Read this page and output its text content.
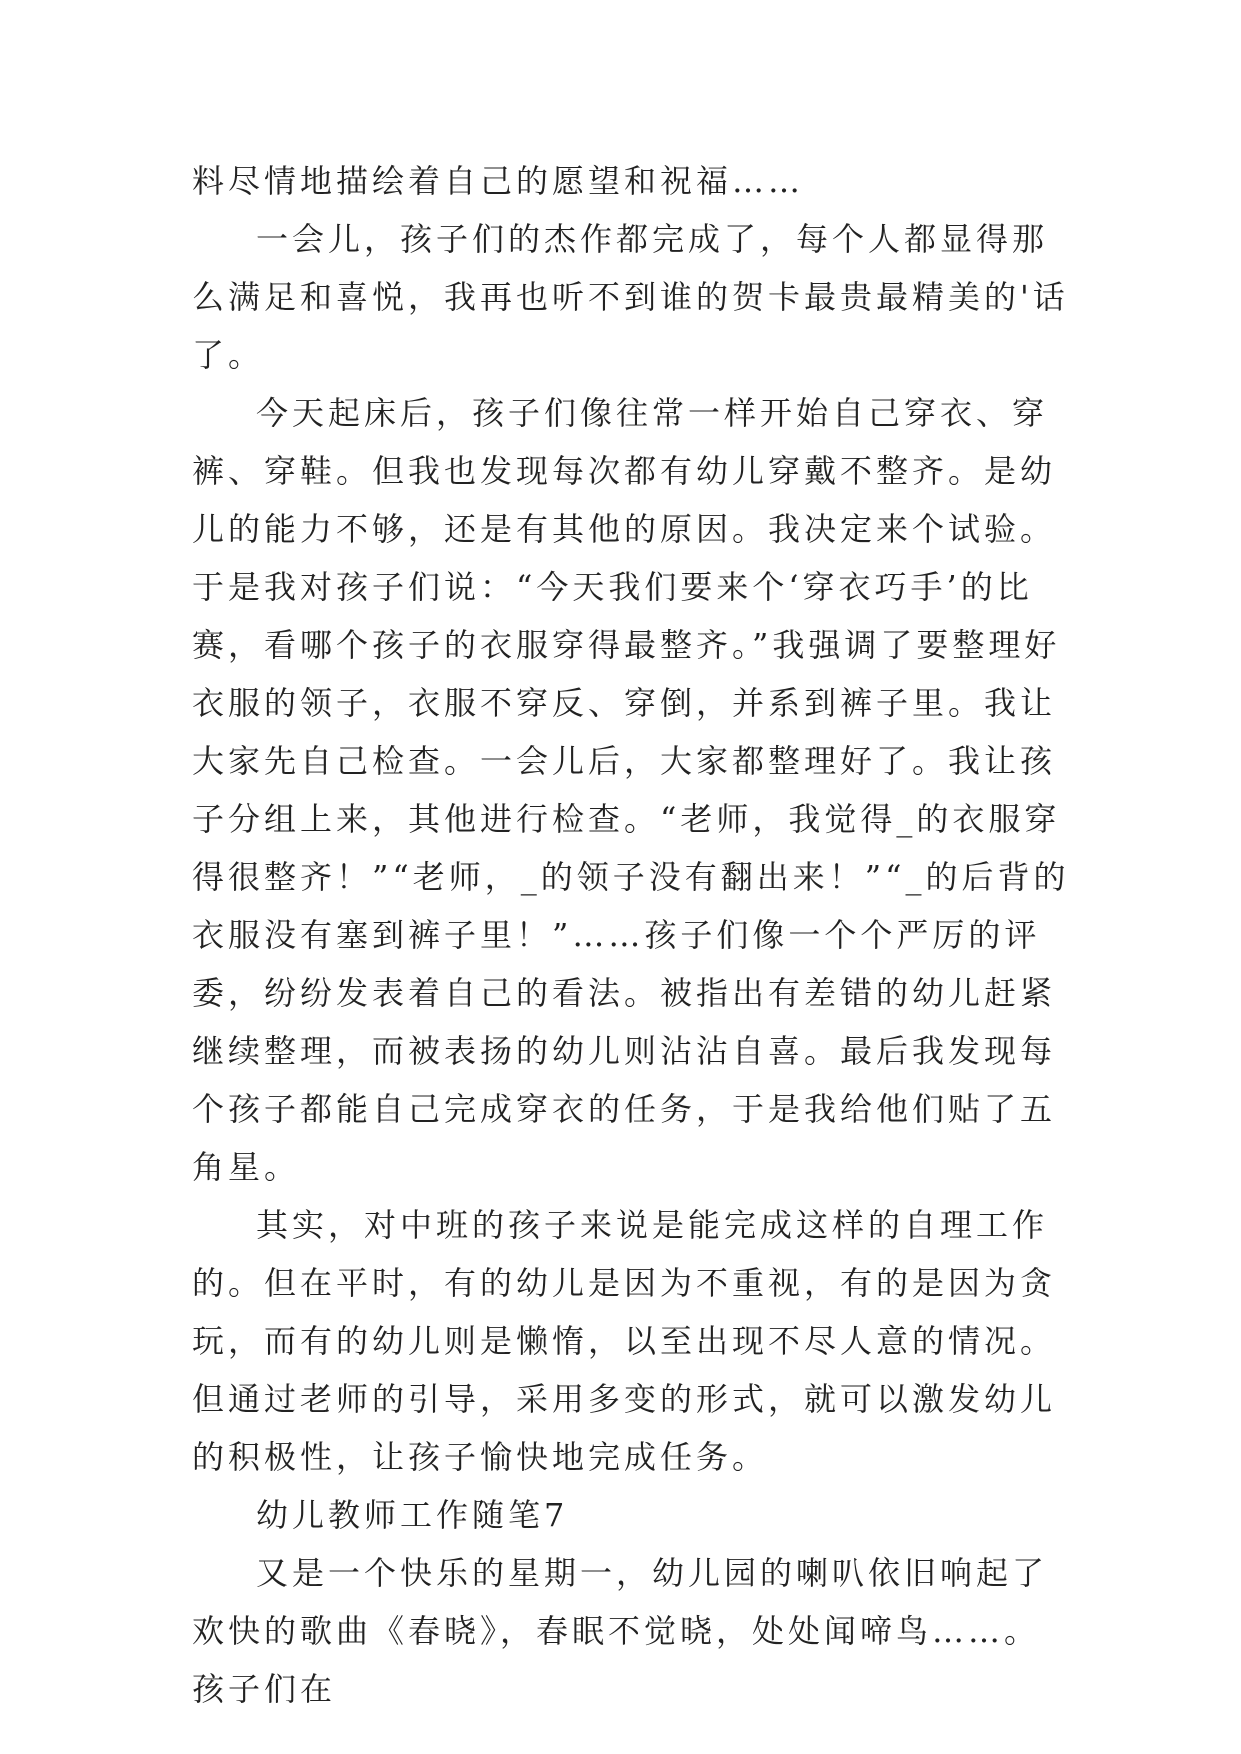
料尽情地描绘着自己的愿望和祝福……

一会儿，孩子们的杰作都完成了，每个人都显得那么满足和喜悦，我再也听不到谁的贺卡最贵最精美的'话了。

今天起床后，孩子们像往常一样开始自己穿衣、穿裤、穿鞋。但我也发现每次都有幼儿穿戴不整齐。是幼儿的能力不够，还是有其他的原因。我决定来个试验。于是我对孩子们说：“今天我们要来个‘穿衣巧手’的比赛，看哪个孩子的衣服穿得最整齐。”我强调了要整理好衣服的领子，衣服不穿反、穿倒，并系到裤子里。我让大家先自己检查。一会儿后，大家都整理好了。我让孩子分组上来，其他进行检查。“老师，我觉得_的衣服穿得很整齐！”“老师，_的领子没有翻出来！”“_的后背的衣服没有塞到裤子里！”……孩子们像一个个严厉的评委，纷纷发表着自己的看法。被指出有差错的幼儿赶紧继续整理，而被表扬的幼儿则沾沾自喜。最后我发现每个孩子都能自己完成穿衣的任务，于是我给他们贴了五角星。

其实，对中班的孩子来说是能完成这样的自理工作的。但在平时，有的幼儿是因为不重视，有的是因为贪玩，而有的幼儿则是懒惰，以至出现不尽人意的情况。但通过老师的引导，采用多变的形式，就可以激发幼儿的积极性，让孩子愉快地完成任务。

幼儿教师工作随笔7

又是一个快乐的星期一，幼儿园的喇叭依旧响起了欢快的歌曲《春晓》，春眠不觉晓，处处闻啼鸟……。孩子们在
